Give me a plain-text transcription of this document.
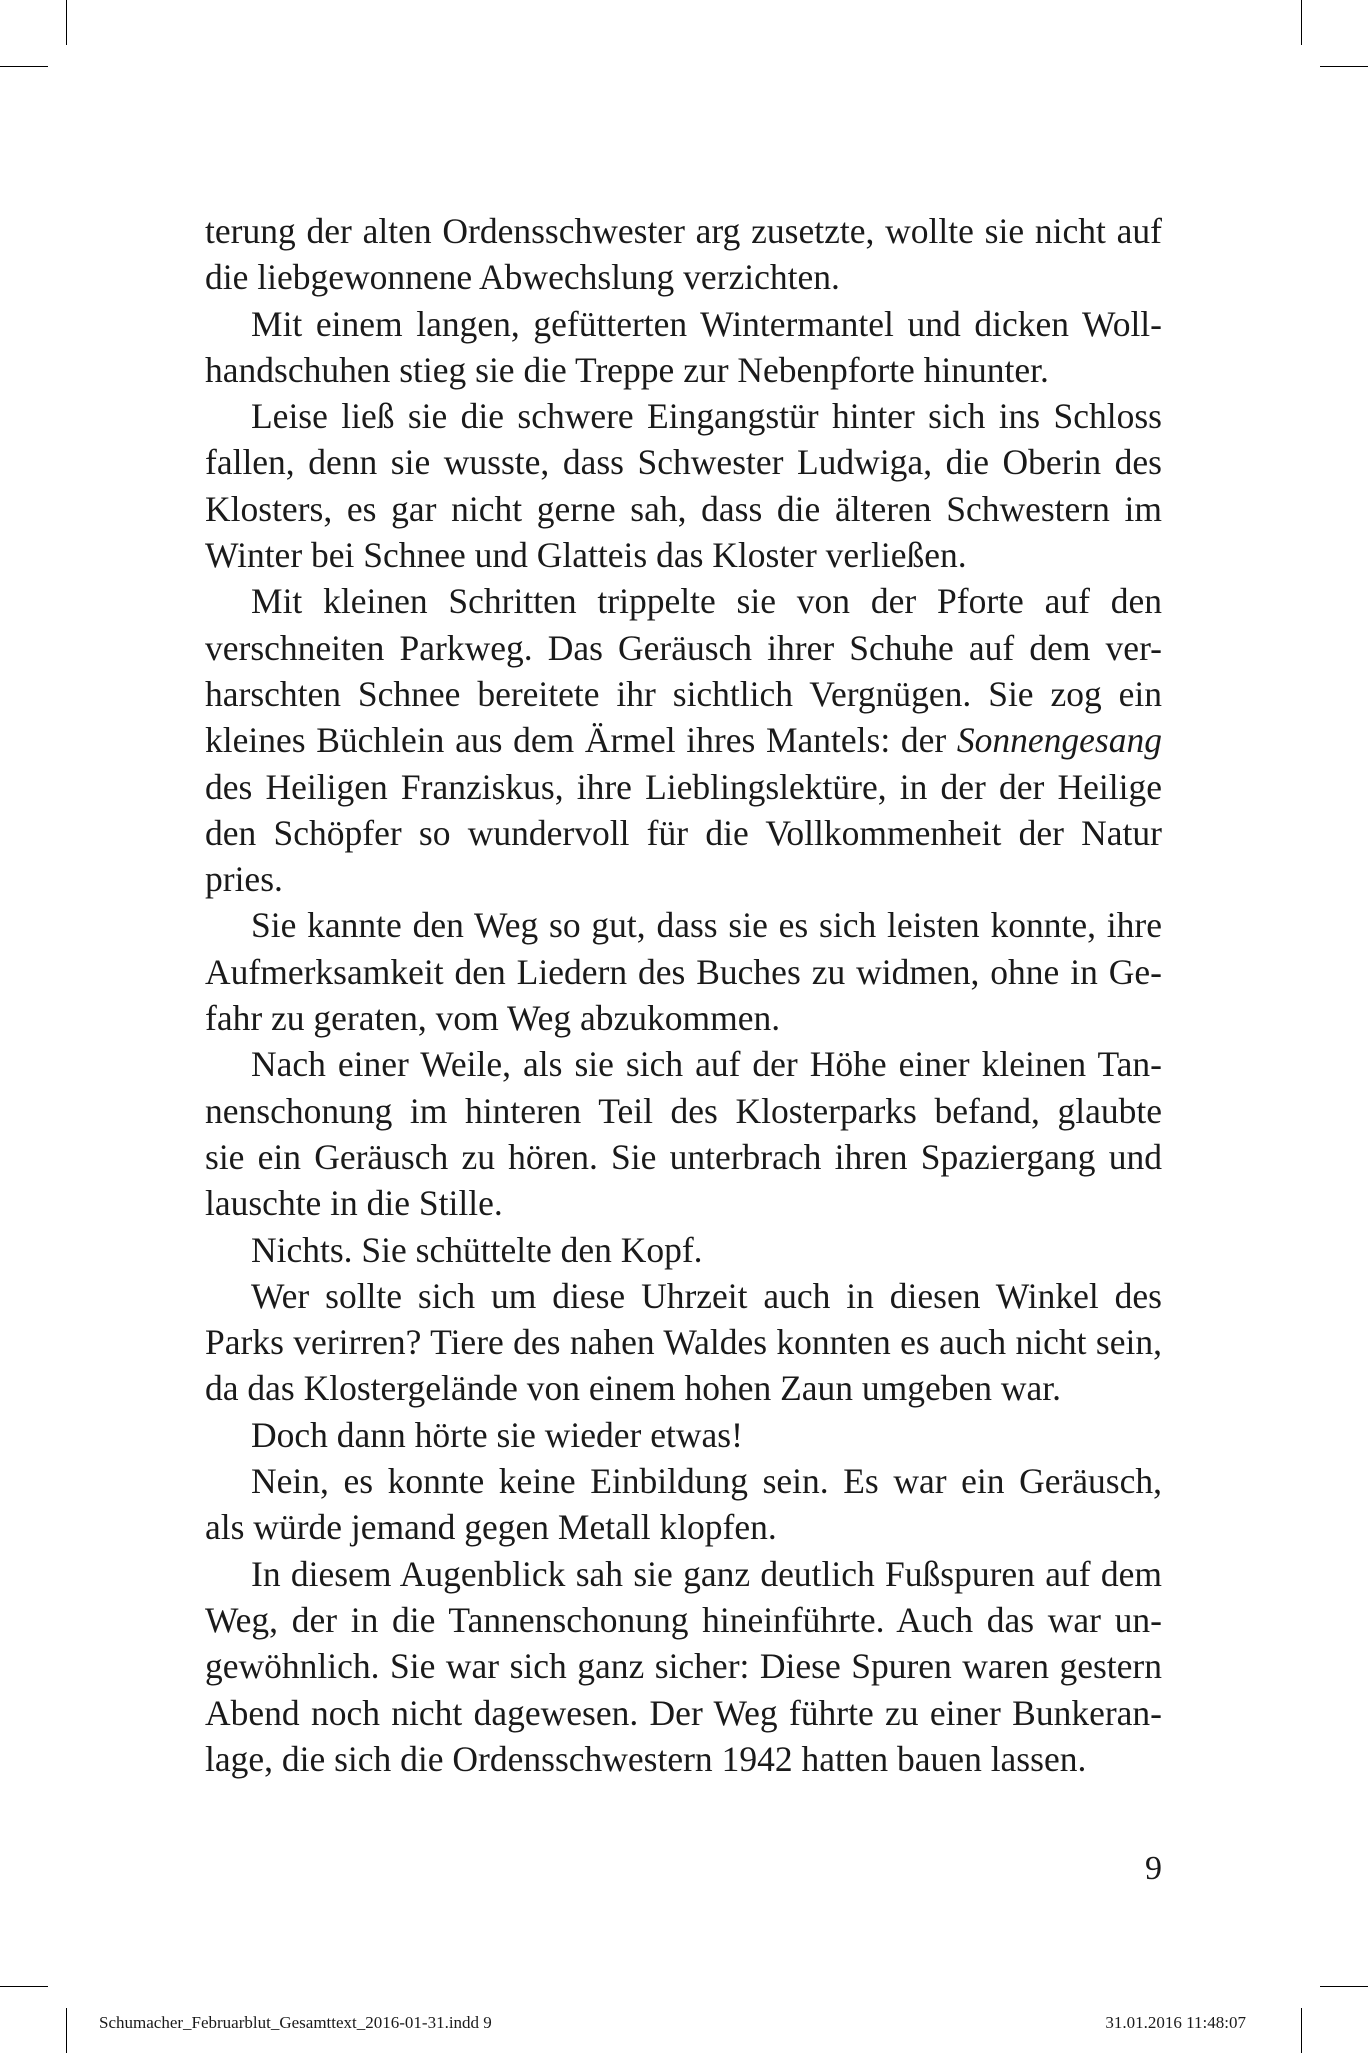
terung der alten Ordensschwester arg zusetzte, wollte sie nicht auf
die liebgewonnene Abwechslung verzichten.
Mit einem langen, gefütterten Wintermantel und dicken Woll-
handschuhen stieg sie die Treppe zur Nebenpforte hinunter.
Leise ließ sie die schwere Eingangstür hinter sich ins Schloss
fallen, denn sie wusste, dass Schwester Ludwiga, die Oberin des
Klosters, es gar nicht gerne sah, dass die älteren Schwestern im
Winter bei Schnee und Glatteis das Kloster verließen.
Mit kleinen Schritten trippelte sie von der Pforte auf den
verschneiten Parkweg. Das Geräusch ihrer Schuhe auf dem ver-
harschten Schnee bereitete ihr sichtlich Vergnügen. Sie zog ein
kleines Büchlein aus dem Ärmel ihres Mantels: der Sonnengesang
des Heiligen Franziskus, ihre Lieblingslektüre, in der der Heilige
den Schöpfer so wundervoll für die Vollkommenheit der Natur
pries.
Sie kannte den Weg so gut, dass sie es sich leisten konnte, ihre
Aufmerksamkeit den Liedern des Buches zu widmen, ohne in Ge-
fahr zu geraten, vom Weg abzukommen.
Nach einer Weile, als sie sich auf der Höhe einer kleinen Tan-
nenschonung im hinteren Teil des Klosterparks befand, glaubte
sie ein Geräusch zu hören. Sie unterbrach ihren Spaziergang und
lauschte in die Stille.
Nichts. Sie schüttelte den Kopf.
Wer sollte sich um diese Uhrzeit auch in diesen Winkel des
Parks verirren? Tiere des nahen Waldes konnten es auch nicht sein,
da das Klostergelände von einem hohen Zaun umgeben war.
Doch dann hörte sie wieder etwas!
Nein, es konnte keine Einbildung sein. Es war ein Geräusch,
als würde jemand gegen Metall klopfen.
In diesem Augenblick sah sie ganz deutlich Fußspuren auf dem
Weg, der in die Tannenschonung hineinführte. Auch das war un-
gewöhnlich. Sie war sich ganz sicher: Diese Spuren waren gestern
Abend noch nicht dagewesen. Der Weg führte zu einer Bunkeran-
lage, die sich die Ordensschwestern 1942 hatten bauen lassen.
9
Schumacher_Februarblut_Gesamttext_2016-01-31.indd 9	31.01.2016 11:48:07
